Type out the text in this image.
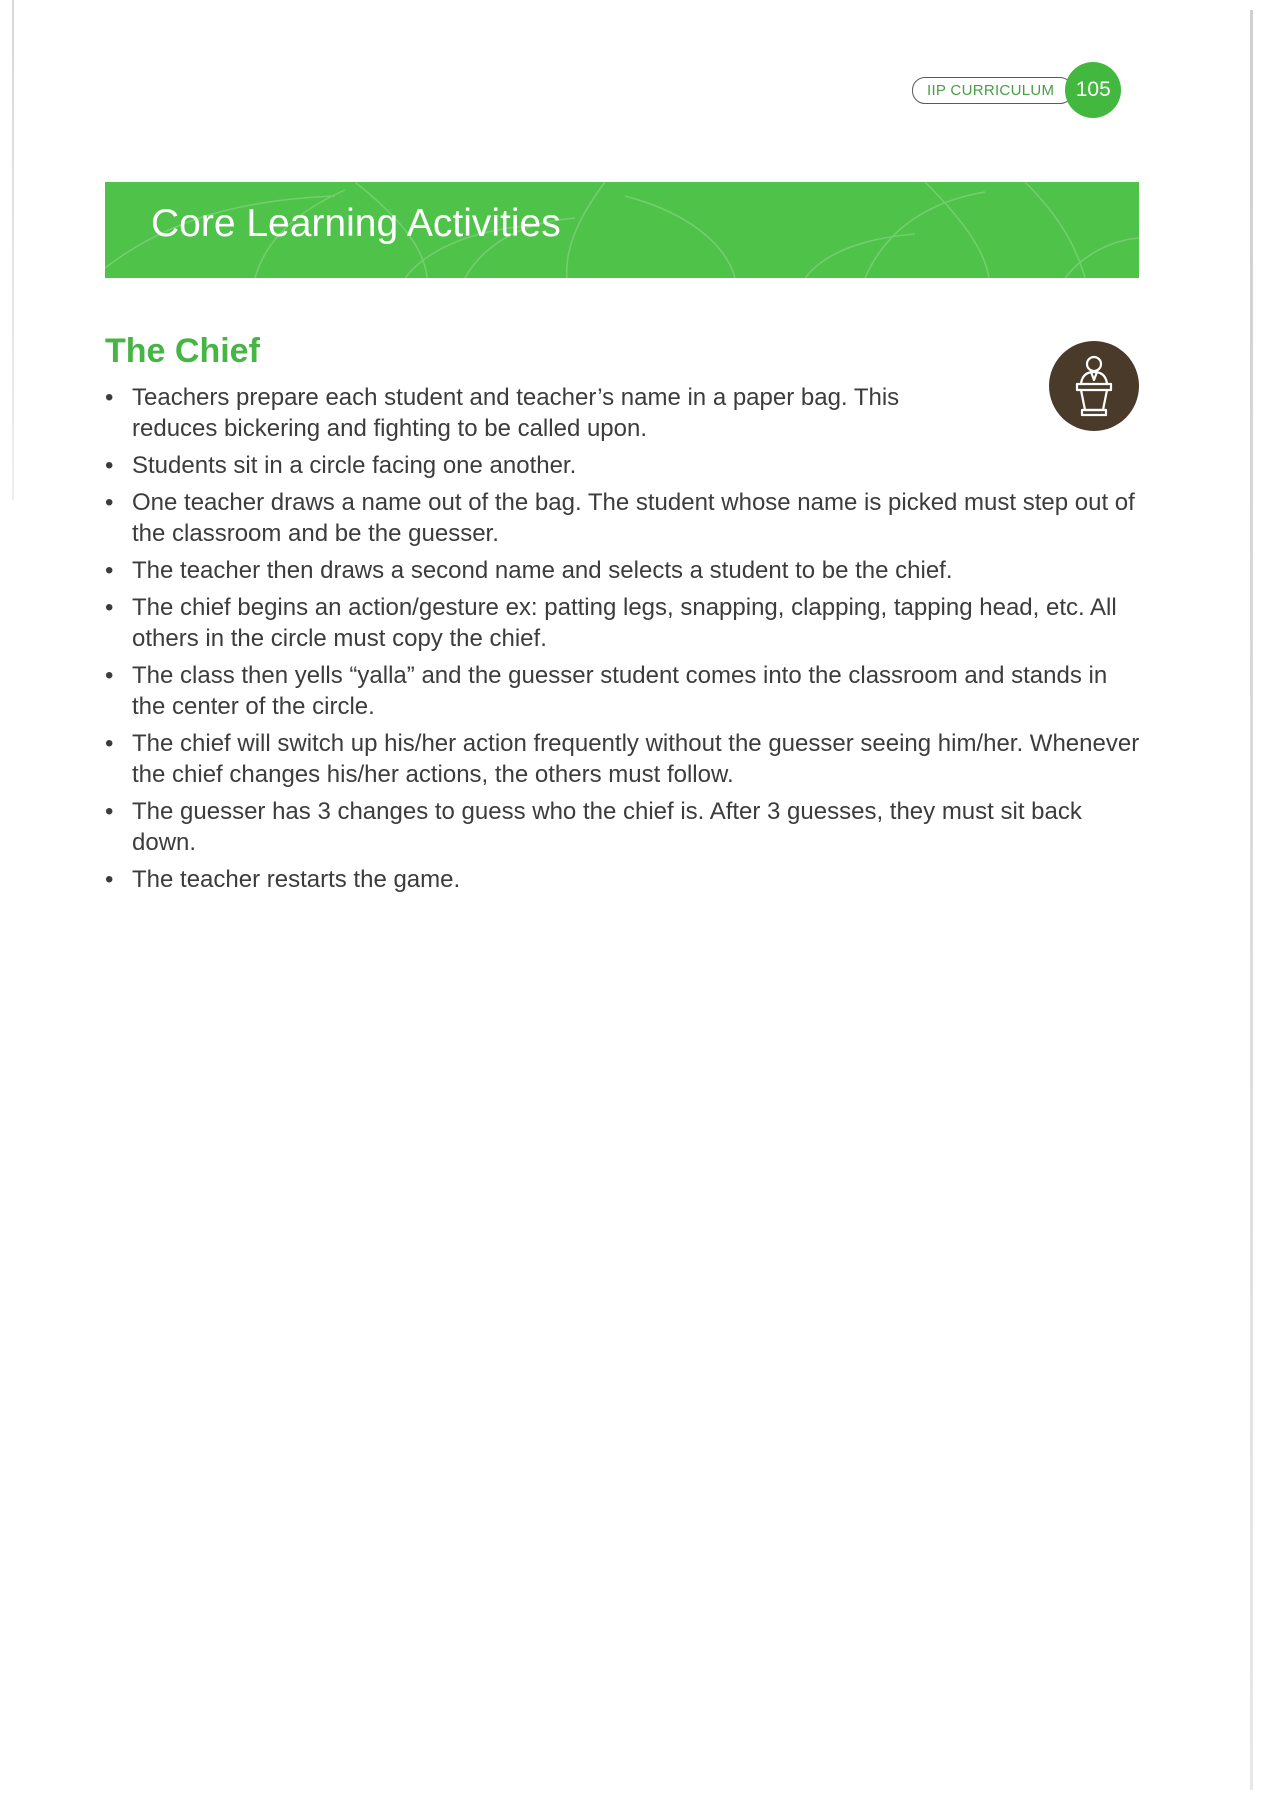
IIP CURRICULUM	105
Core Learning Activities
The Chief
• Teachers prepare each student and teacher’s name in a paper bag. This reduces bickering and fighting to be called upon.
• Students sit in a circle facing one another.
• One teacher draws a name out of the bag. The student whose name is picked must step out of the classroom and be the guesser.
• The teacher then draws a second name and selects a student to be the chief.
• The chief begins an action/gesture ex: patting legs, snapping, clapping, tapping head, etc. All others in the circle must copy the chief.
• The class then yells “yalla” and the guesser student comes into the classroom and stands in the center of the circle.
• The chief will switch up his/her action frequently without the guesser seeing him/her. Whenever the chief changes his/her actions, the others must follow.
• The guesser has 3 changes to guess who the chief is. After 3 guesses, they must sit back down.
• The teacher restarts the game.
